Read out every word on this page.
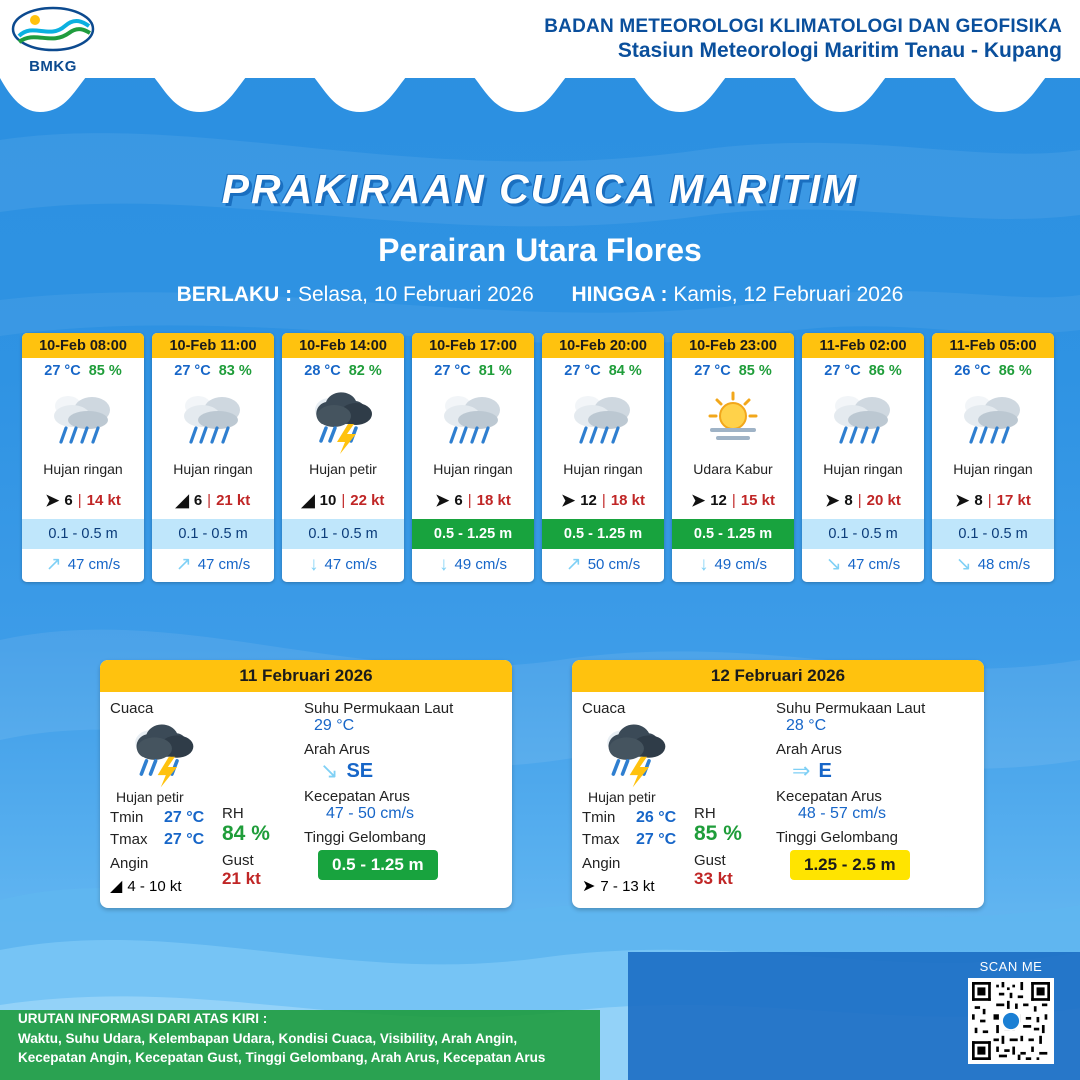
BMKG
BADAN METEOROLOGI KLIMATOLOGI DAN GEOFISIKA
Stasiun Meteorologi Maritim Tenau - Kupang
PRAKIRAAN CUACA MARITIM
Perairan Utara Flores
BERLAKU : Selasa, 10 Februari 2026 HINGGA : Kamis, 12 Februari 2026
10-Feb 08:00
27 °C 85 %
Hujan ringan
➤ 6 | 14 kt
0.1 - 0.5 m
↗ 47 cm/s
10-Feb 11:00
27 °C 83 %
Hujan ringan
◢ 6 | 21 kt
0.1 - 0.5 m
↗ 47 cm/s
10-Feb 14:00
28 °C 82 %
Hujan petir
◢ 10 | 22 kt
0.1 - 0.5 m
↓ 47 cm/s
10-Feb 17:00
27 °C 81 %
Hujan ringan
➤ 6 | 18 kt
0.5 - 1.25 m
↓ 49 cm/s
10-Feb 20:00
27 °C 84 %
Hujan ringan
➤ 12 | 18 kt
0.5 - 1.25 m
↗ 50 cm/s
10-Feb 23:00
27 °C 85 %
Udara Kabur
➤ 12 | 15 kt
0.5 - 1.25 m
↓ 49 cm/s
11-Feb 02:00
27 °C 86 %
Hujan ringan
➤ 8 | 20 kt
0.1 - 0.5 m
↘ 47 cm/s
11-Feb 05:00
26 °C 86 %
Hujan ringan
➤ 8 | 17 kt
0.1 - 0.5 m
↘ 48 cm/s
11 Februari 2026
Cuaca
Hujan petir
Tmin	27 °C
Tmax	27 °C
Angin
◢ 4 - 10 kt
RH
84 %
Gust
21 kt
Suhu Permukaan Laut
29 °C
Arah Arus
↘ SE
Kecepatan Arus
47 - 50 cm/s
Tinggi Gelombang
0.5 - 1.25 m
12 Februari 2026
Cuaca
Hujan petir
Tmin	26 °C
Tmax	27 °C
Angin
➤ 7 - 13 kt
RH
85 %
Gust
33 kt
Suhu Permukaan Laut
28 °C
Arah Arus
⇒ E
Kecepatan Arus
48 - 57 cm/s
Tinggi Gelombang
1.25 - 2.5 m
URUTAN INFORMASI DARI ATAS KIRI :
Waktu, Suhu Udara, Kelembapan Udara, Kondisi Cuaca, Visibility, Arah Angin,
Kecepatan Angin, Kecepatan Gust, Tinggi Gelombang, Arah Arus, Kecepatan Arus
SCAN ME
